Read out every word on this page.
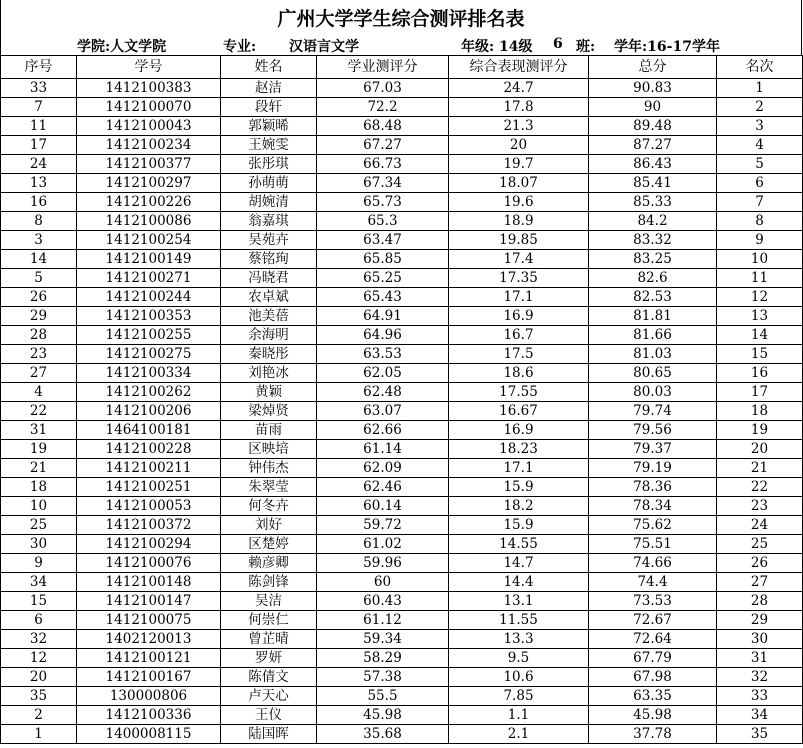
广州大学学生综合测评排名表
学院:人文学院	专业: 汉语言文学	年级: 14级 6 班: 学年:16-17学年
序号	学号	姓名	学业测评分	综合表现测评分	总分	名次
33	1412100383	赵洁	67.03	24.7	90.83	1
7	1412100070	段轩	72.2	17.8	90	2
11	1412100043	郭颖晞	68.48	21.3	89.48	3
17	1412100234	王婉雯	67.27	20	87.27	4
24	1412100377	张彤琪	66.73	19.7	86.43	5
13	1412100297	孙萌萌	67.34	18.07	85.41	6
16	1412100226	胡婉清	65.73	19.6	85.33	7
8	1412100086	翁嘉琪	65.3	18.9	84.2	8
3	1412100254	吴苑卉	63.47	19.85	83.32	9
14	1412100149	蔡铭珣	65.85	17.4	83.25	10
5	1412100271	冯晓君	65.25	17.35	82.6	11
26	1412100244	农卓斌	65.43	17.1	82.53	12
29	1412100353	池美蓓	64.91	16.9	81.81	13
28	1412100255	余海明	64.96	16.7	81.66	14
23	1412100275	秦晓彤	63.53	17.5	81.03	15
27	1412100334	刘艳冰	62.05	18.6	80.65	16
4	1412100262	黄颖	62.48	17.55	80.03	17
22	1412100206	梁焯贤	63.07	16.67	79.74	18
31	1464100181	苗雨	62.66	16.9	79.56	19
19	1412100228	区映培	61.14	18.23	79.37	20
21	1412100211	钟伟杰	62.09	17.1	79.19	21
18	1412100251	朱翠莹	62.46	15.9	78.36	22
10	1412100053	何冬卉	60.14	18.2	78.34	23
25	1412100372	刘好	59.72	15.9	75.62	24
30	1412100294	区楚婷	61.02	14.55	75.51	25
9	1412100076	赖彦卿	59.96	14.7	74.66	26
34	1412100148	陈剑锋	60	14.4	74.4	27
15	1412100147	吴洁	60.43	13.1	73.53	28
6	1412100075	何崇仁	61.12	11.55	72.67	29
32	1402120013	曾芷晴	59.34	13.3	72.64	30
12	1412100121	罗妍	58.29	9.5	67.79	31
20	1412100167	陈倩文	57.38	10.6	67.98	32
35	130000806	卢天心	55.5	7.85	63.35	33
2	1412100336	王仪	45.98	1.1	45.98	34
1	1400008115	陆国晖	35.68	2.1	37.78	35
